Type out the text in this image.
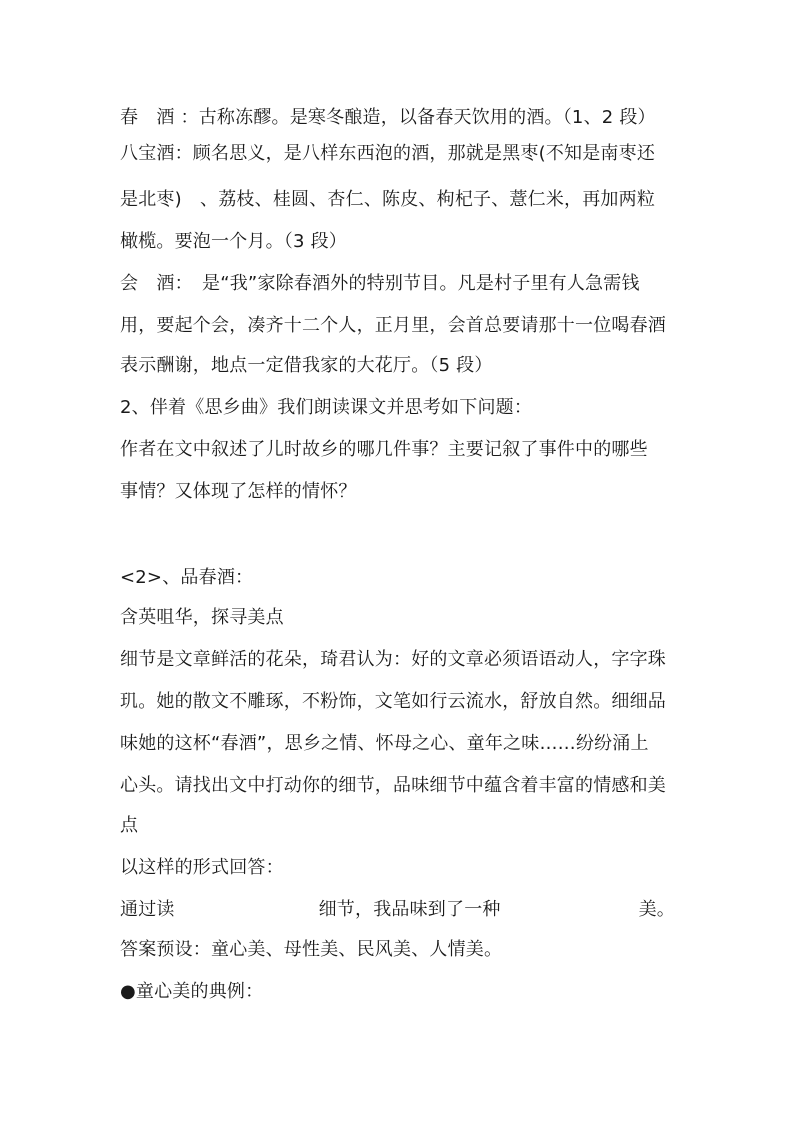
春　酒 ：古称冻醪。是寒冬酿造，以备春天饮用的酒。（1、2 段）
八宝酒：顾名思义，是八样东西泡的酒，那就是黑枣(不知是南枣还
是北枣)　、荔枝、桂圆、杏仁、陈皮、枸杞子、薏仁米，再加两粒
橄榄。要泡一个月。（3 段）
会　酒：　是“我”家除春酒外的特别节目。凡是村子里有人急需钱
用，要起个会，凑齐十二个人，正月里，会首总要请那十一位喝春酒
表示酬谢，地点一定借我家的大花厅。（5 段）
2、伴着《思乡曲》我们朗读课文并思考如下问题：
作者在文中叙述了儿时故乡的哪几件事？主要记叙了事件中的哪些
事情？又体现了怎样的情怀？
<2>、品春酒：
含英咀华，探寻美点
细节是文章鲜活的花朵，琦君认为：好的文章必须语语动人，字字珠
玑。她的散文不雕琢，不粉饰，文笔如行云流水，舒放自然。细细品
味她的这杯“春酒”，思乡之情、怀母之心、童年之味……纷纷涌上
心头。请找出文中打动你的细节，品味细节中蕴含着丰富的情感和美
点
以这样的形式回答：
通过读	细节，我品味到了一种	美。
答案预设：童心美、母性美、民风美、人情美。
●童心美的典例：
